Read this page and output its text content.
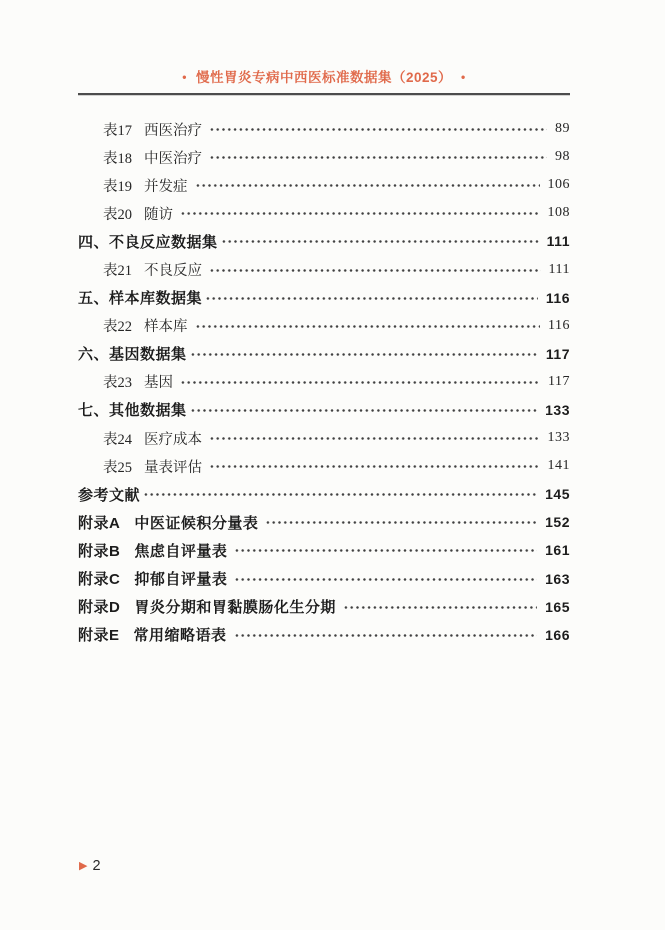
• 慢性胃炎专病中西医标准数据集（2025） •
表17 西医治疗	89
表18 中医治疗	98
表19 并发症	106
表20 随访	108
四、 不良反应数据集	111
表21 不良反应	111
五、 样本库数据集	116
表22 样本库	116
六、 基因数据集	117
表23 基因	117
七、 其他数据集	133
表24 医疗成本	133
表25 量表评估	141
参考文献	145
附录A 中医证候积分量表	152
附录B 焦虑自评量表	161
附录C 抑郁自评量表	163
附录D 胃炎分期和胃黏膜肠化生分期	165
附录E 常用缩略语表	166
▶ 2
